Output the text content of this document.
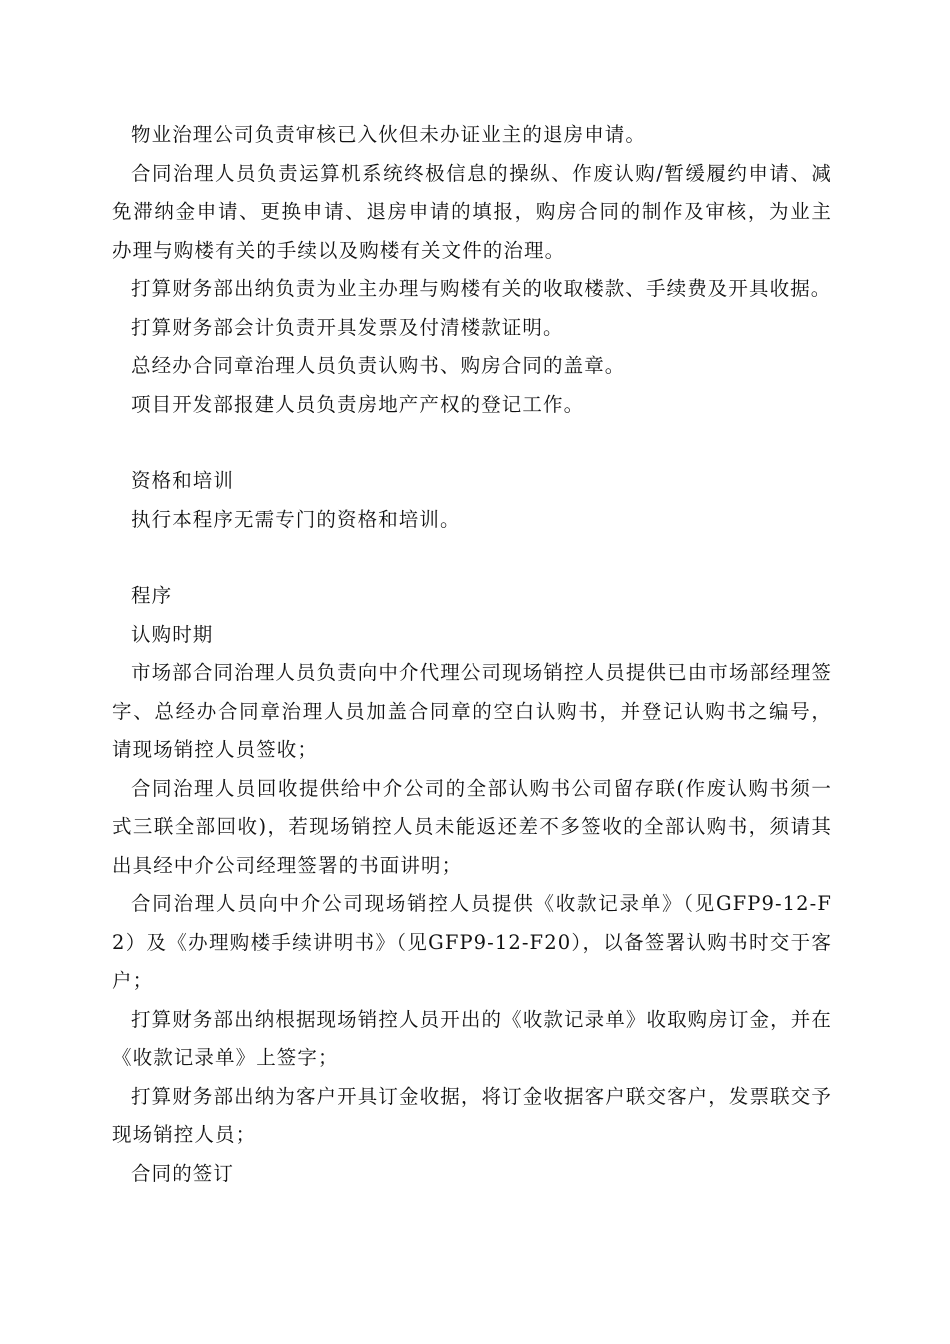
物业治理公司负责审核已入伙但未办证业主的退房申请。

合同治理人员负责运算机系统终极信息的操纵、作废认购/暂缓履约申请、减免滞纳金申请、更换申请、退房申请的填报，购房合同的制作及审核，为业主办理与购楼有关的手续以及购楼有关文件的治理。

打算财务部出纳负责为业主办理与购楼有关的收取楼款、手续费及开具收据。

打算财务部会计负责开具发票及付清楼款证明。

总经办合同章治理人员负责认购书、购房合同的盖章。

项目开发部报建人员负责房地产产权的登记工作。

资格和培训

执行本程序无需专门的资格和培训。

程序

认购时期

市场部合同治理人员负责向中介代理公司现场销控人员提供已由市场部经理签字、总经办合同章治理人员加盖合同章的空白认购书，并登记认购书之编号，请现场销控人员签收；

合同治理人员回收提供给中介公司的全部认购书公司留存联(作废认购书须一式三联全部回收)，若现场销控人员未能返还差不多签收的全部认购书，须请其出具经中介公司经理签署的书面讲明；

合同治理人员向中介公司现场销控人员提供《收款记录单》（见GFP9-12-F2）及《办理购楼手续讲明书》（见GFP9-12-F20），以备签署认购书时交于客户；

打算财务部出纳根据现场销控人员开出的《收款记录单》收取购房订金，并在《收款记录单》上签字；

打算财务部出纳为客户开具订金收据，将订金收据客户联交客户，发票联交予现场销控人员；

合同的签订
